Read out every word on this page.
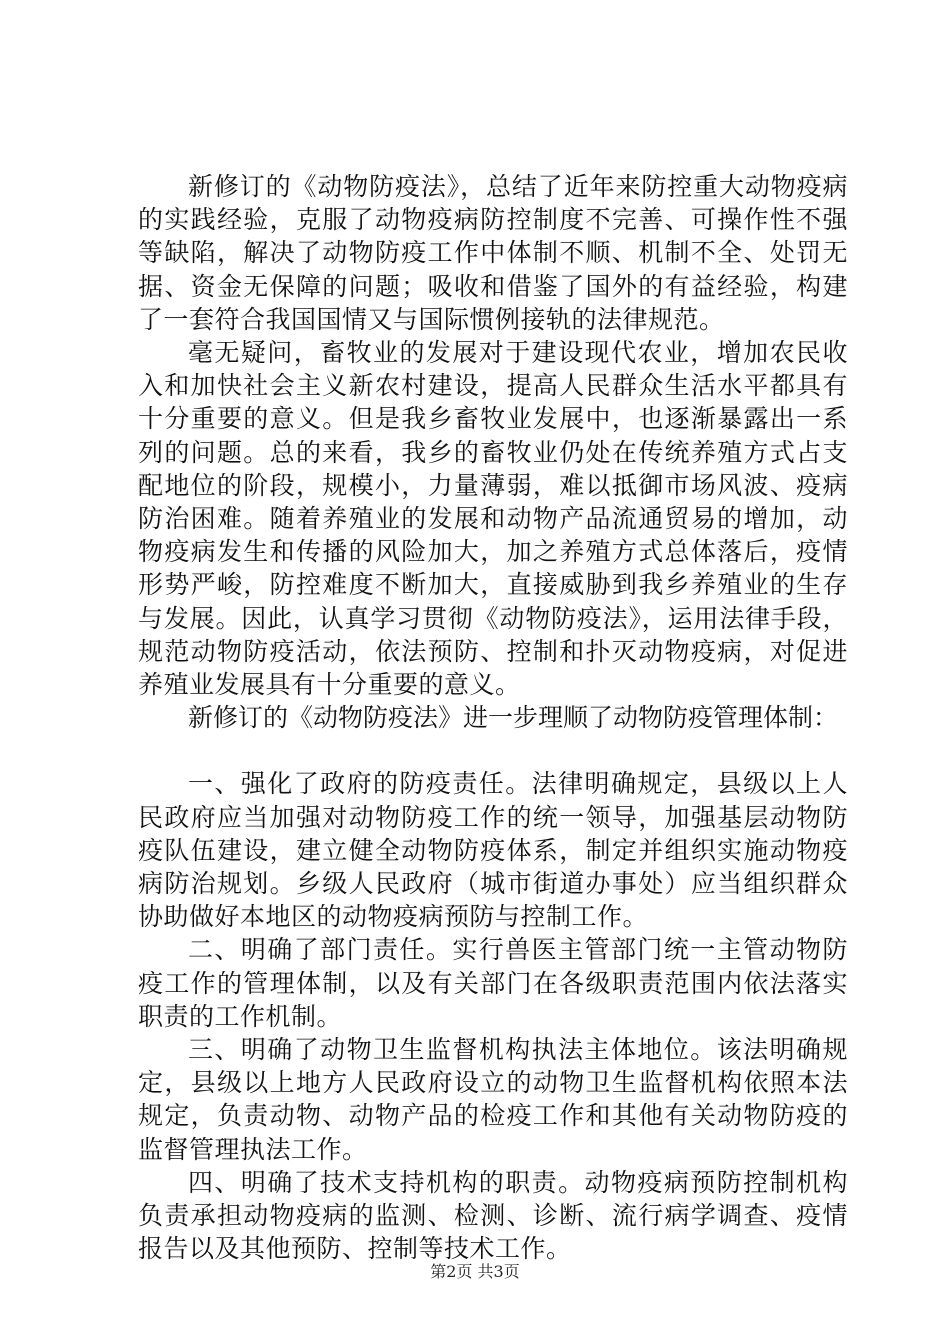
新修订的《动物防疫法》，总结了近年来防控重大动物疫病的实践经验，克服了动物疫病防控制度不完善、可操作性不强等缺陷，解决了动物防疫工作中体制不顺、机制不全、处罚无据、资金无保障的问题；吸收和借鉴了国外的有益经验，构建了一套符合我国国情又与国际惯例接轨的法律规范。

毫无疑问，畜牧业的发展对于建设现代农业，增加农民收入和加快社会主义新农村建设，提高人民群众生活水平都具有十分重要的意义。但是我乡畜牧业发展中，也逐渐暴露出一系列的问题。总的来看，我乡的畜牧业仍处在传统养殖方式占支配地位的阶段，规模小，力量薄弱，难以抵御市场风波、疫病防治困难。随着养殖业的发展和动物产品流通贸易的增加，动物疫病发生和传播的风险加大，加之养殖方式总体落后，疫情形势严峻，防控难度不断加大，直接威胁到我乡养殖业的生存与发展。因此，认真学习贯彻《动物防疫法》，运用法律手段，规范动物防疫活动，依法预防、控制和扑灭动物疫病，对促进养殖业发展具有十分重要的意义。

新修订的《动物防疫法》进一步理顺了动物防疫管理体制：

一、强化了政府的防疫责任。法律明确规定，县级以上人民政府应当加强对动物防疫工作的统一领导，加强基层动物防疫队伍建设，建立健全动物防疫体系，制定并组织实施动物疫病防治规划。乡级人民政府（城市街道办事处）应当组织群众协助做好本地区的动物疫病预防与控制工作。

二、明确了部门责任。实行兽医主管部门统一主管动物防疫工作的管理体制，以及有关部门在各级职责范围内依法落实职责的工作机制。

三、明确了动物卫生监督机构执法主体地位。该法明确规定，县级以上地方人民政府设立的动物卫生监督机构依照本法规定，负责动物、动物产品的检疫工作和其他有关动物防疫的监督管理执法工作。

四、明确了技术支持机构的职责。动物疫病预防控制机构负责承担动物疫病的监测、检测、诊断、流行病学调查、疫情报告以及其他预防、控制等技术工作。

第2页 共3页
